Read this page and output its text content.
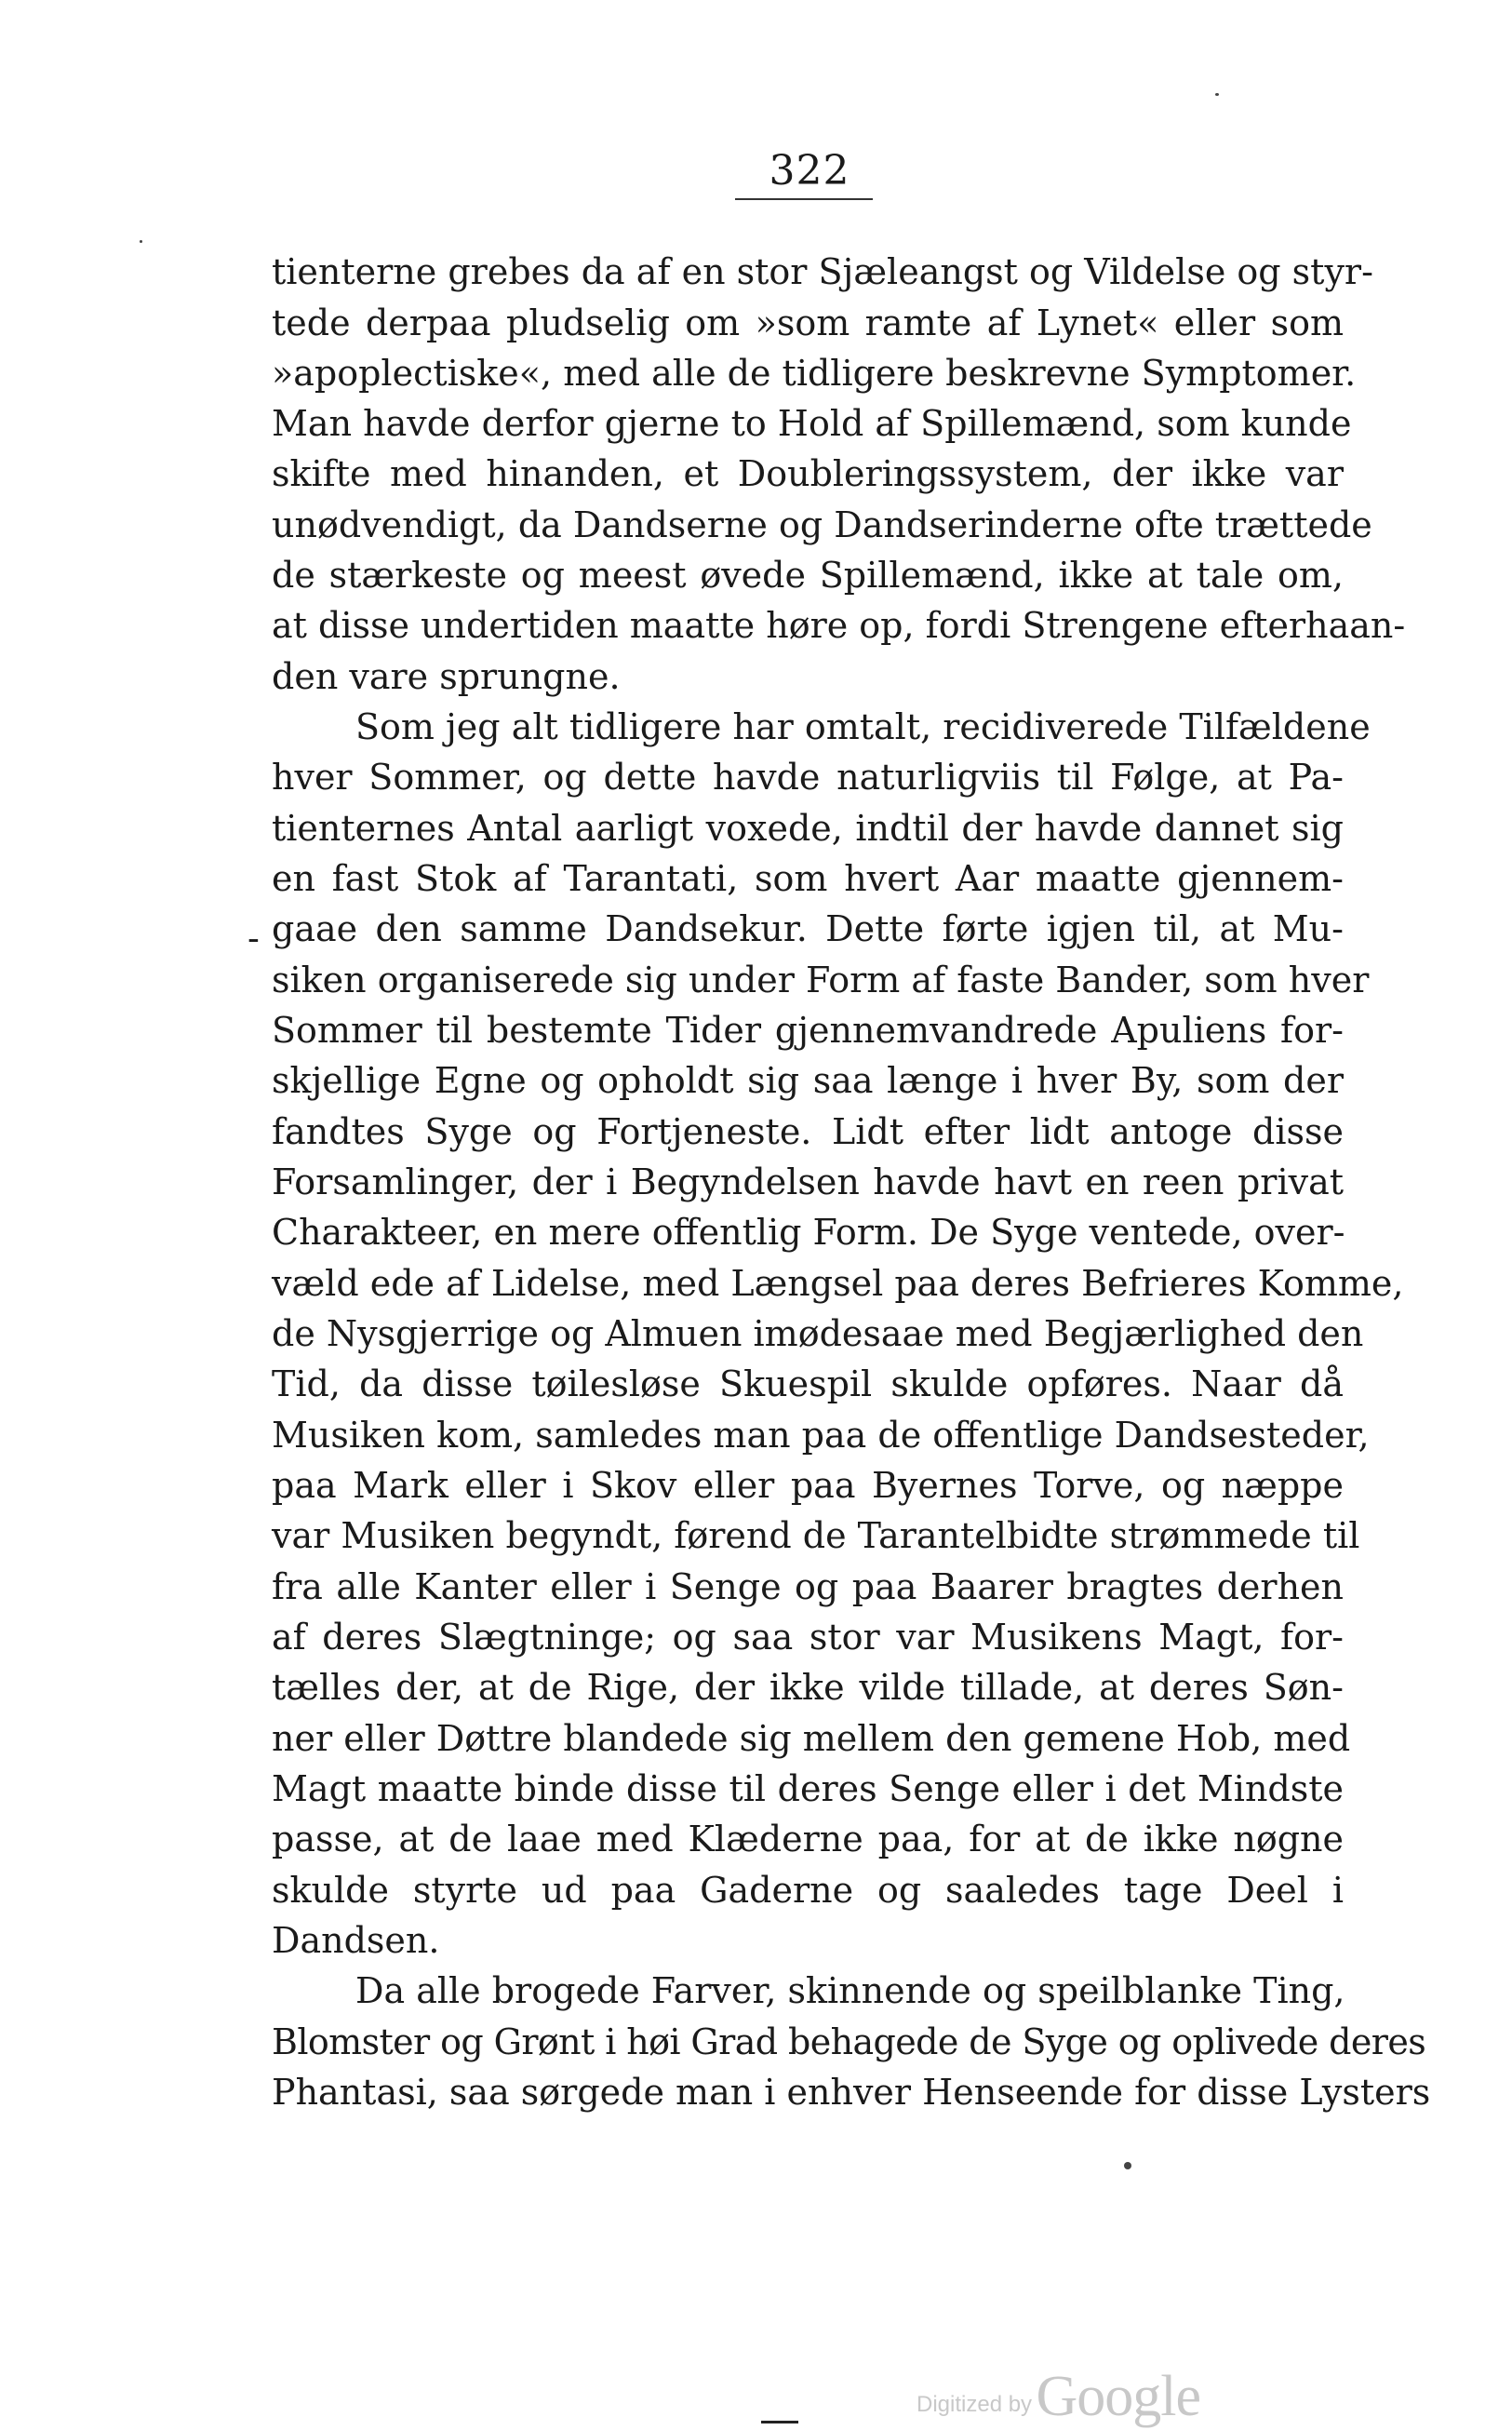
322
-
tienterne grebes da af en stor Sjæleangst og Vildelse og styr-
tede derpaa pludselig om »som ramte af Lynet« eller som
»apoplectiske«, med alle de tidligere beskrevne Symptomer.
Man havde derfor gjerne to Hold af Spillemænd, som kunde
skifte med hinanden, et Doubleringssystem, der ikke var
unødvendigt, da Dandserne og Dandserinderne ofte trættede
de stærkeste og meest øvede Spillemænd, ikke at tale om,
at disse undertiden maatte høre op, fordi Strengene efterhaan-
den vare sprungne.
Som jeg alt tidligere har omtalt, recidiverede Tilfældene
hver Sommer, og dette havde naturligviis til Følge, at Pa-
tienternes Antal aarligt voxede, indtil der havde dannet sig
en fast Stok af Tarantati, som hvert Aar maatte gjennem-
gaae den samme Dandsekur. Dette førte igjen til, at Mu-
siken organiserede sig under Form af faste Bander, som hver
Sommer til bestemte Tider gjennemvandrede Apuliens for-
skjellige Egne og opholdt sig saa længe i hver By, som der
fandtes Syge og Fortjeneste. Lidt efter lidt antoge disse
Forsamlinger, der i Begyndelsen havde havt en reen privat
Charakteer, en mere offentlig Form. De Syge ventede, over-
væld ede af Lidelse, med Længsel paa deres Befrieres Komme,
de Nysgjerrige og Almuen imødesaae med Begjærlighed den
Tid, da disse tøilesløse Skuespil skulde opføres. Naar då
Musiken kom, samledes man paa de offentlige Dandsesteder,
paa Mark eller i Skov eller paa Byernes Torve, og næppe
var Musiken begyndt, førend de Tarantelbidte strømmede til
fra alle Kanter eller i Senge og paa Baarer bragtes derhen
af deres Slægtninge; og saa stor var Musikens Magt, for-
tælles der, at de Rige, der ikke vilde tillade, at deres Søn-
ner eller Døttre blandede sig mellem den gemene Hob, med
Magt maatte binde disse til deres Senge eller i det Mindste
passe, at de laae med Klæderne paa, for at de ikke nøgne
skulde styrte ud paa Gaderne og saaledes tage Deel i
Dandsen.
Da alle brogede Farver, skinnende og speilblanke Ting,
Blomster og Grønt i høi Grad behagede de Syge og oplivede deres
Phantasi, saa sørgede man i enhver Henseende for disse Lysters
Digitized by Google
